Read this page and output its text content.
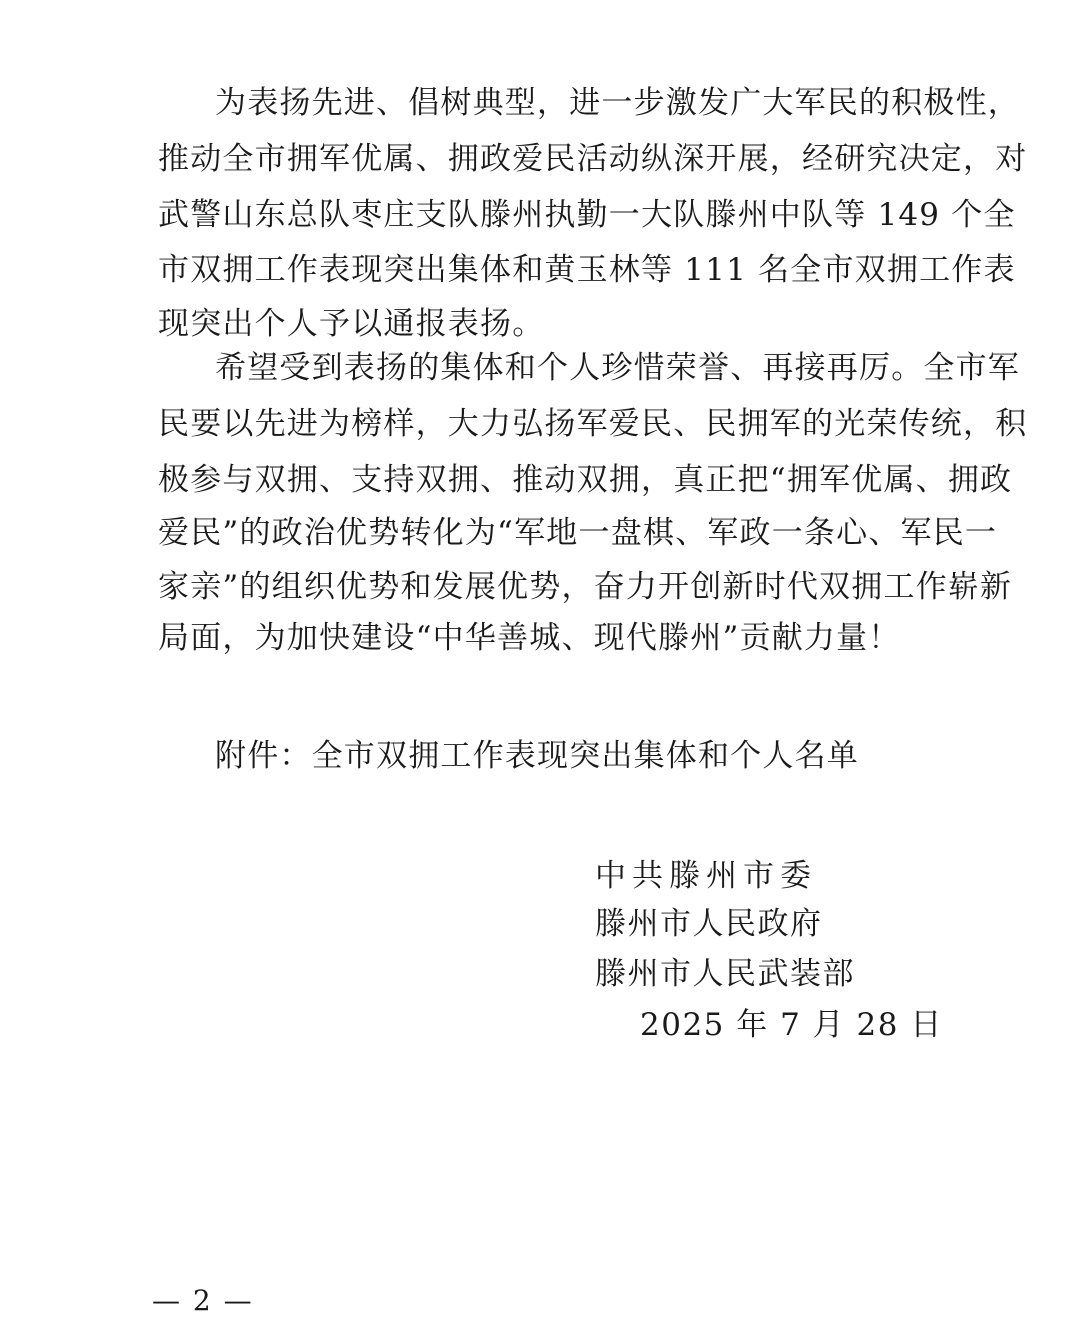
为表扬先进、倡树典型，进一步激发广大军民的积极性，
推动全市拥军优属、拥政爱民活动纵深开展，经研究决定，对
武警山东总队枣庄支队滕州执勤一大队滕州中队等 149 个全
市双拥工作表现突出集体和黄玉林等 111 名全市双拥工作表
现突出个人予以通报表扬。
希望受到表扬的集体和个人珍惜荣誉、再接再厉。全市军
民要以先进为榜样，大力弘扬军爱民、民拥军的光荣传统，积
极参与双拥、支持双拥、推动双拥，真正把“拥军优属、拥政
爱民”的政治优势转化为“军地一盘棋、军政一条心、军民一
家亲”的组织优势和发展优势，奋力开创新时代双拥工作崭新
局面，为加快建设“中华善城、现代滕州”贡献力量！
附件：全市双拥工作表现突出集体和个人名单
中共滕州市委
滕州市人民政府
滕州市人民武装部
2025 年 7 月 28 日
— 2 —
